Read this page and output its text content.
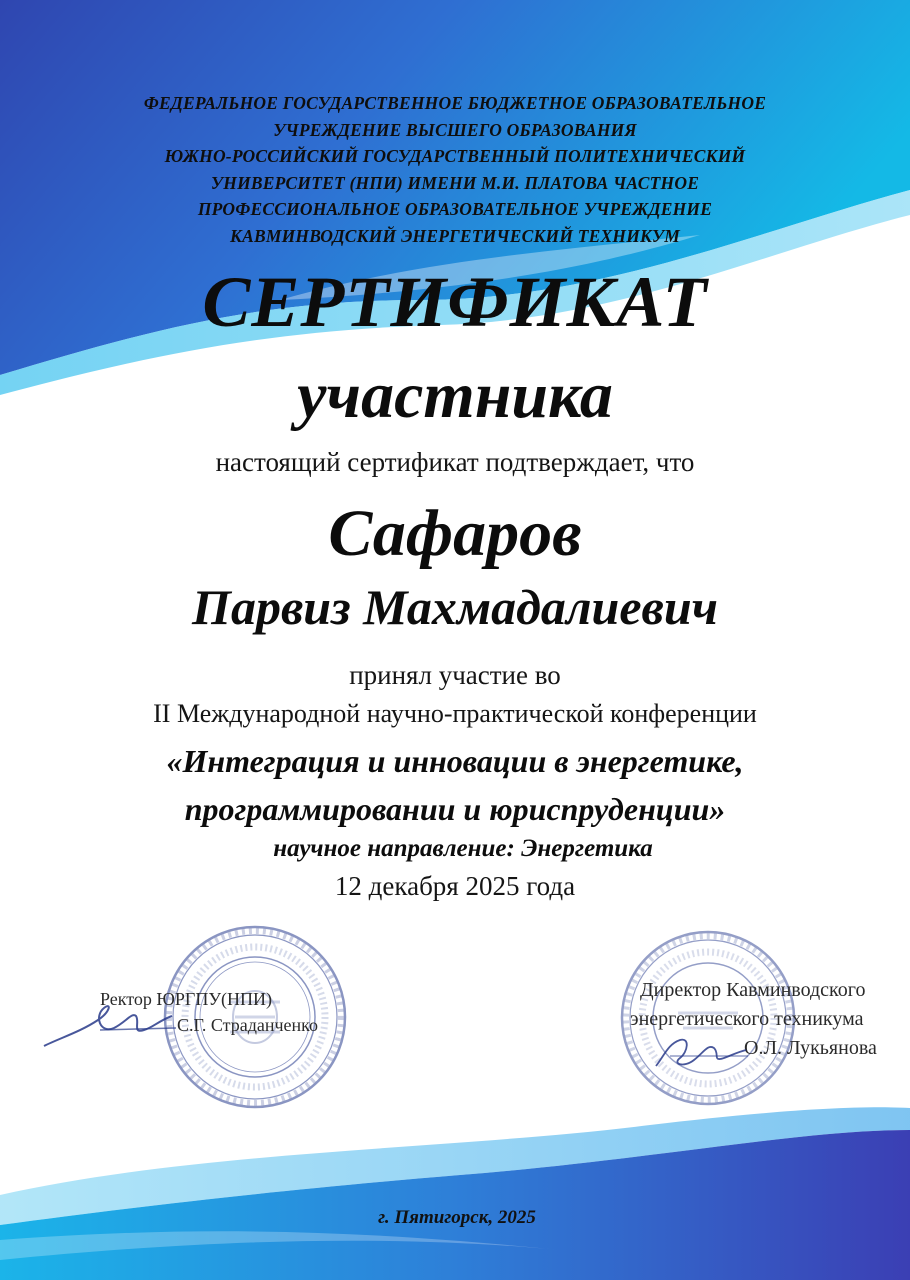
ФЕДЕРАЛЬНОЕ ГОСУДАРСТВЕННОЕ БЮДЖЕТНОЕ ОБРАЗОВАТЕЛЬНОЕ
УЧРЕЖДЕНИЕ ВЫСШЕГО ОБРАЗОВАНИЯ
ЮЖНО-РОССИЙСКИЙ ГОСУДАРСТВЕННЫЙ ПОЛИТЕХНИЧЕСКИЙ
УНИВЕРСИТЕТ (НПИ) ИМЕНИ М.И. ПЛАТОВА ЧАСТНОЕ
ПРОФЕССИОНАЛЬНОЕ ОБРАЗОВАТЕЛЬНОЕ УЧРЕЖДЕНИЕ
КАВМИНВОДСКИЙ ЭНЕРГЕТИЧЕСКИЙ ТЕХНИКУМ
СЕРТИФИКАТ
участника
настоящий сертификат подтверждает, что
Сафаров
Парвиз Махмадалиевич
принял участие во
II Международной научно-практической конференции
«Интеграция и инновации в энергетике,
программировании и юриспруденции»
научное направление: Энергетика
12 декабря 2025 года
Ректор ЮРГПУ(НПИ)
С.Г. Страданченко
Директор Кавминводского
энергетического техникума
О.Л. Лукьянова
г. Пятигорск, 2025
